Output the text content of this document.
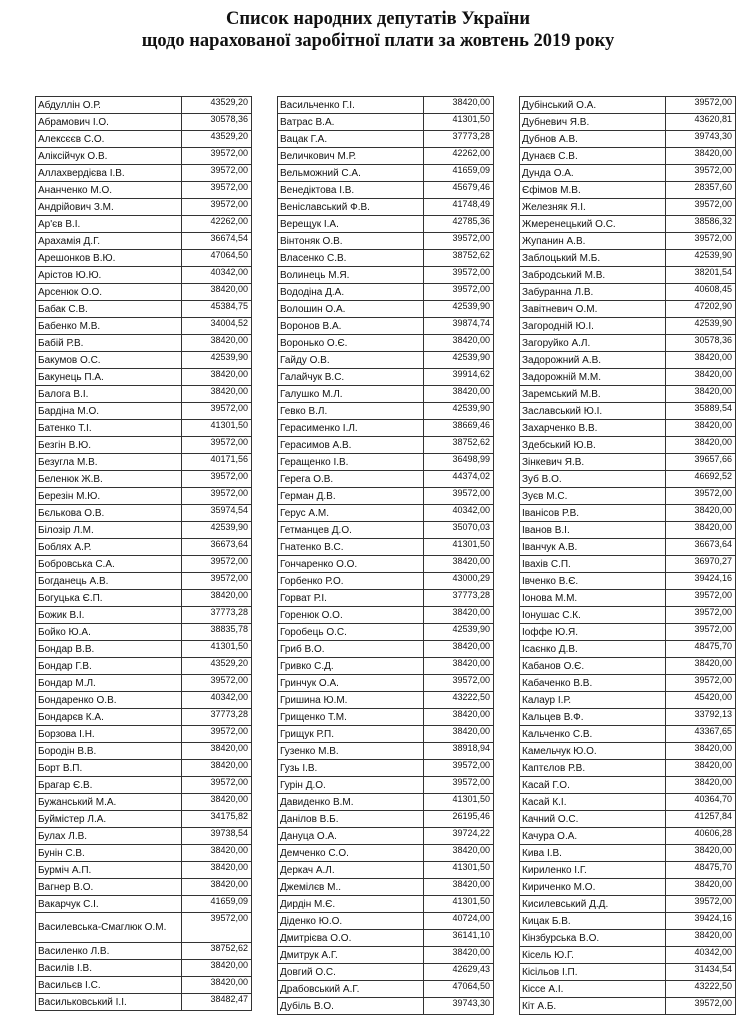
Список народних депутатів України
щодо нарахованої заробітної плати за жовтень 2019 року
Абдуллін О.Р.	43529,20
Абрамович І.О.	30578,36
Алексєєв С.О.	43529,20
Аліксійчук О.В.	39572,00
Аллахвердієва І.В.	39572,00
Ананченко М.О.	39572,00
Андрійович З.М.	39572,00
Ар'єв В.І.	42262,00
Арахамія Д.Г.	36674,54
Арешонков В.Ю.	47064,50
Арістов Ю.Ю.	40342,00
Арсенюк О.О.	38420,00
Бабак С.В.	45384,75
Бабенко М.В.	34004,52
Бабій Р.В.	38420,00
Бакумов О.С.	42539,90
Бакунець П.А.	38420,00
Балога В.І.	38420,00
Бардіна М.О.	39572,00
Батенко Т.І.	41301,50
Безгін В.Ю.	39572,00
Безугла М.В.	40171,56
Беленюк Ж.В.	39572,00
Березін М.Ю.	39572,00
Бєлькова О.В.	35974,54
Білозір Л.М.	42539,90
Боблях А.Р.	36673,64
Бобровська С.А.	39572,00
Богданець А.В.	39572,00
Богуцька Є.П.	38420,00
Божик В.І.	37773,28
Бойко Ю.А.	38835,78
Бондар В.В.	41301,50
Бондар Г.В.	43529,20
Бондар М.Л.	39572,00
Бондаренко О.В.	40342,00
Бондарєв К.А.	37773,28
Борзова І.Н.	39572,00
Бородін В.В.	38420,00
Борт В.П.	38420,00
Брагар Є.В.	39572,00
Бужанський М.А.	38420,00
Буймістер Л.А.	34175,82
Булах Л.В.	39738,54
Бунін С.В.	38420,00
Бурміч А.П.	38420,00
Вагнер В.О.	38420,00
Вакарчук С.І.	41659,09
Василевська-Смаглюк О.М.	39572,00
Василенко Л.В.	38752,62
Василів І.В.	38420,00
Васильєв І.С.	38420,00
Васильковський І.І.	38482,47
Васильченко Г.І.	38420,00
Ватрас В.А.	41301,50
Вацак Г.А.	37773,28
Величкович М.Р.	42262,00
Вельможний С.А.	41659,09
Венедіктова І.В.	45679,46
Веніславський Ф.В.	41748,49
Верещук І.А.	42785,36
Вінтоняк О.В.	39572,00
Власенко С.В.	38752,62
Волинець М.Я.	39572,00
Вододіна Д.А.	39572,00
Волошин О.А.	42539,90
Воронов В.А.	39874,74
Воронько О.Є.	38420,00
Гайду О.В.	42539,90
Галайчук В.С.	39914,62
Галушко М.Л.	38420,00
Гевко В.Л.	42539,90
Герасименко І.Л.	38669,46
Герасимов А.В.	38752,62
Геращенко І.В.	36498,99
Герега О.В.	44374,02
Герман Д.В.	39572,00
Герус А.М.	40342,00
Гетманцев Д.О.	35070,03
Гнатенко В.С.	41301,50
Гончаренко О.О.	38420,00
Горбенко Р.О.	43000,29
Горват Р.І.	37773,28
Горенюк О.О.	38420,00
Горобець О.С.	42539,90
Гриб В.О.	38420,00
Гривко С.Д.	38420,00
Гринчук О.А.	39572,00
Гришина Ю.М.	43222,50
Грищенко Т.М.	38420,00
Грищук Р.П.	38420,00
Гузенко М.В.	38918,94
Гузь І.В.	39572,00
Гурін Д.О.	39572,00
Давиденко В.М.	41301,50
Данілов В.Б.	26195,46
Дануца О.А.	39724,22
Демченко С.О.	38420,00
Деркач А.Л.	41301,50
Джемілєв М..	38420,00
Дирдін М.Є.	41301,50
Діденко Ю.О.	40724,00
Дмитрієва О.О.	36141,10
Дмитрук А.Г.	38420,00
Довгий О.С.	42629,43
Драбовський А.Г.	47064,50
Дубіль В.О.	39743,30
Дубінський О.А.	39572,00
Дубневич Я.В.	43620,81
Дубнов А.В.	39743,30
Дунаєв С.В.	38420,00
Дунда О.А.	39572,00
Єфімов М.В.	28357,60
Железняк Я.І.	39572,00
Жмеренецький О.С.	38586,32
Жупанин А.В.	39572,00
Заблоцький М.Б.	42539,90
Забродський М.В.	38201,54
Забуранна Л.В.	40608,45
Завітневич О.М.	47202,90
Загородній Ю.І.	42539,90
Загоруйко А.Л.	30578,36
Задорожний А.В.	38420,00
Задорожній М.М.	38420,00
Заремський М.В.	38420,00
Заславський Ю.І.	35889,54
Захарченко В.В.	38420,00
Здебський Ю.В.	38420,00
Зінкевич Я.В.	39657,66
Зуб В.О.	46692,52
Зуєв М.С.	39572,00
Іванісов Р.В.	38420,00
Іванов В.І.	38420,00
Іванчук А.В.	36673,64
Іваxів С.П.	36970,27
Івченко В.Є.	39424,16
Іонова М.М.	39572,00
Іонушас С.К.	39572,00
Іоффе Ю.Я.	39572,00
Ісаєнко Д.В.	48475,70
Кабанов О.Є.	38420,00
Кабаченко В.В.	39572,00
Калаур І.Р.	45420,00
Кальцев В.Ф.	33792,13
Кальченко С.В.	43367,65
Камельчук Ю.О.	38420,00
Каптєлов Р.В.	38420,00
Касай Г.О.	38420,00
Касай К.І.	40364,70
Качний О.С.	41257,84
Качура О.А.	40606,28
Кива І.В.	38420,00
Кириленко І.Г.	48475,70
Кириченко М.О.	38420,00
Кисилевський Д.Д.	39572,00
Кицак Б.В.	39424,16
Кінзбурська В.О.	38420,00
Кісель Ю.Г.	40342,00
Кісільов І.П.	31434,54
Кіссе А.І.	43222,50
Кіт А.Б.	39572,00
